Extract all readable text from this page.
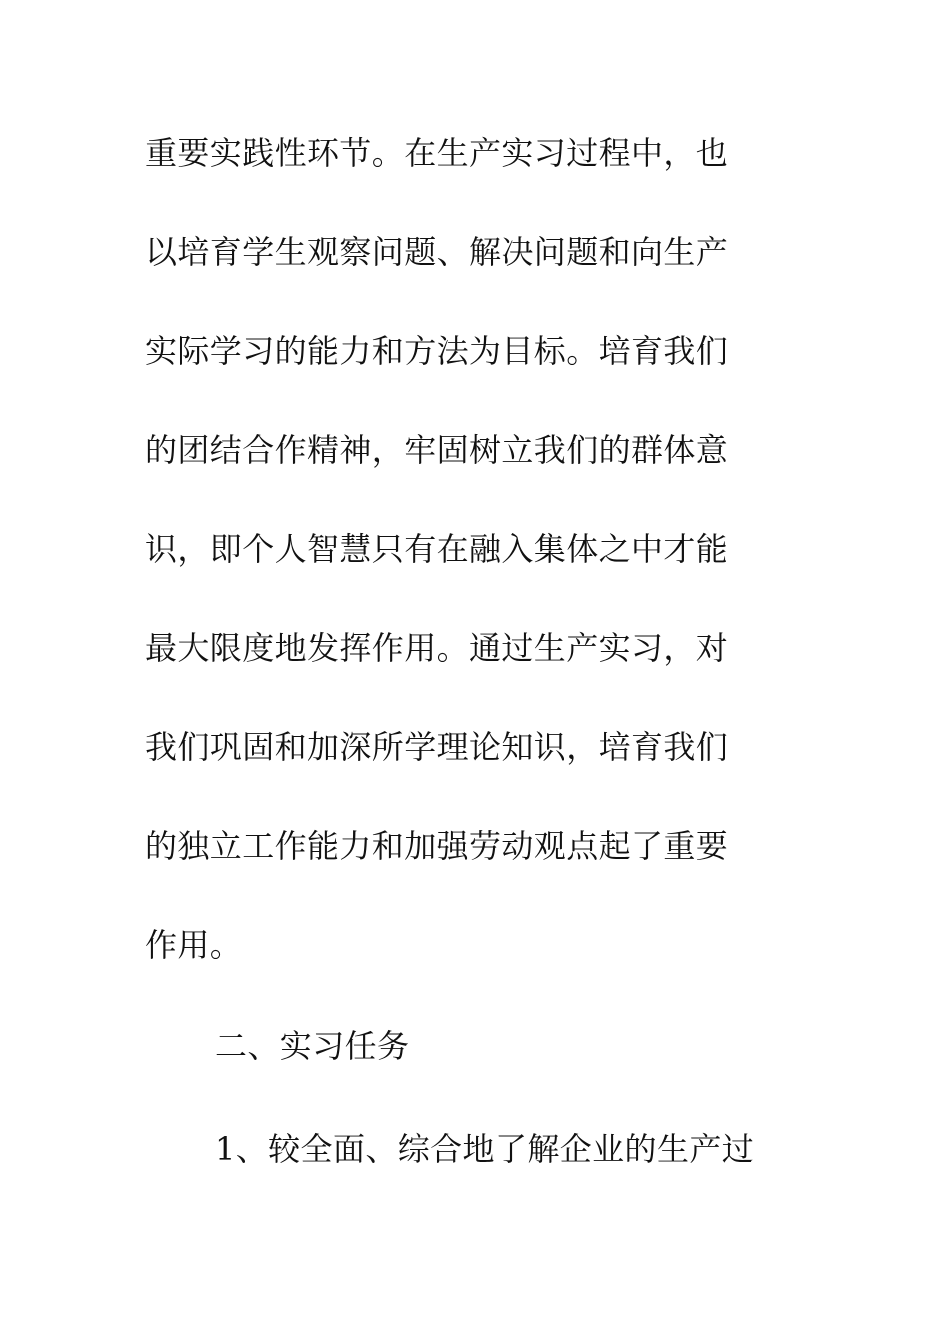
重要实践性环节。在生产实习过程中，也
以培育学生观察问题、解决问题和向生产
实际学习的能力和方法为目标。培育我们
的团结合作精神，牢固树立我们的群体意
识，即个人智慧只有在融入集体之中才能
最大限度地发挥作用。通过生产实习，对
我们巩固和加深所学理论知识，培育我们
的独立工作能力和加强劳动观点起了重要
作用。
二、实习任务
1、较全面、综合地了解企业的生产过
